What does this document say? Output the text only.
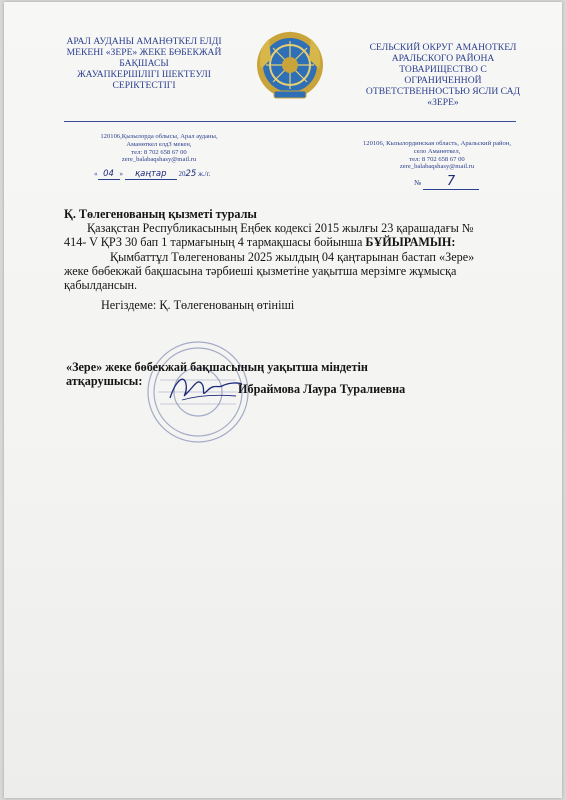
АРАЛ АУДАНЫ АМАНӨТКЕЛ ЕЛДІ
МЕКЕНІ «ЗЕРЕ» ЖЕКЕ БӨБЕКЖАЙ
БАҚШАСЫ
ЖАУАПКЕРШІЛІГІ ШЕКТЕУЛІ
СЕРІКТЕСТІГІ
СЕЛЬСКИЙ ОКРУГ АМАНОТКЕЛ
АРАЛЬСКОГО РАЙОНА
ТОВАРИЩЕСТВО С
ОГРАНИЧЕННОЙ
ОТВЕТСТВЕННОСТЬЮ ЯСЛИ САД
«ЗЕРЕ»
120106,Қызылорда облысы, Арал ауданы,
Аманөткел елдЗ мекен,
тел: 8 702 658 67 00
zere_balabaqshasy@mail.ru
120106, Кызылординская область, Аральский район,
село Аманөткел,
тел: 8 702 658 67 00
zere_balabaqshasy@mail.ru
« 04 » қаңтар 2025 ж./г.
№ 7
Қ. Төлегенованың қызметі туралы
Қазақстан Республикасының Еңбек кодексі 2015 жылғы 23 қарашадағы №
414- V ҚРЗ 30 бап 1 тармағының 4 тармақшасы бойынша БҰЙЫРАМЫН:
Қымбаттұл Төлегенованы 2025 жылдың 04 қаңтарынан бастап «Зере»
жеке бөбекжай бақшасына тәрбиеші қызметіне уақытша мерзімге жұмысқа
қабылдансын.
Негіздеме: Қ. Төлегенованың өтініші
«Зере» жеке бөбекжай бақшасының уақытша міндетін
атқарушысы:
Ибраймова Лаура Туралиевна
